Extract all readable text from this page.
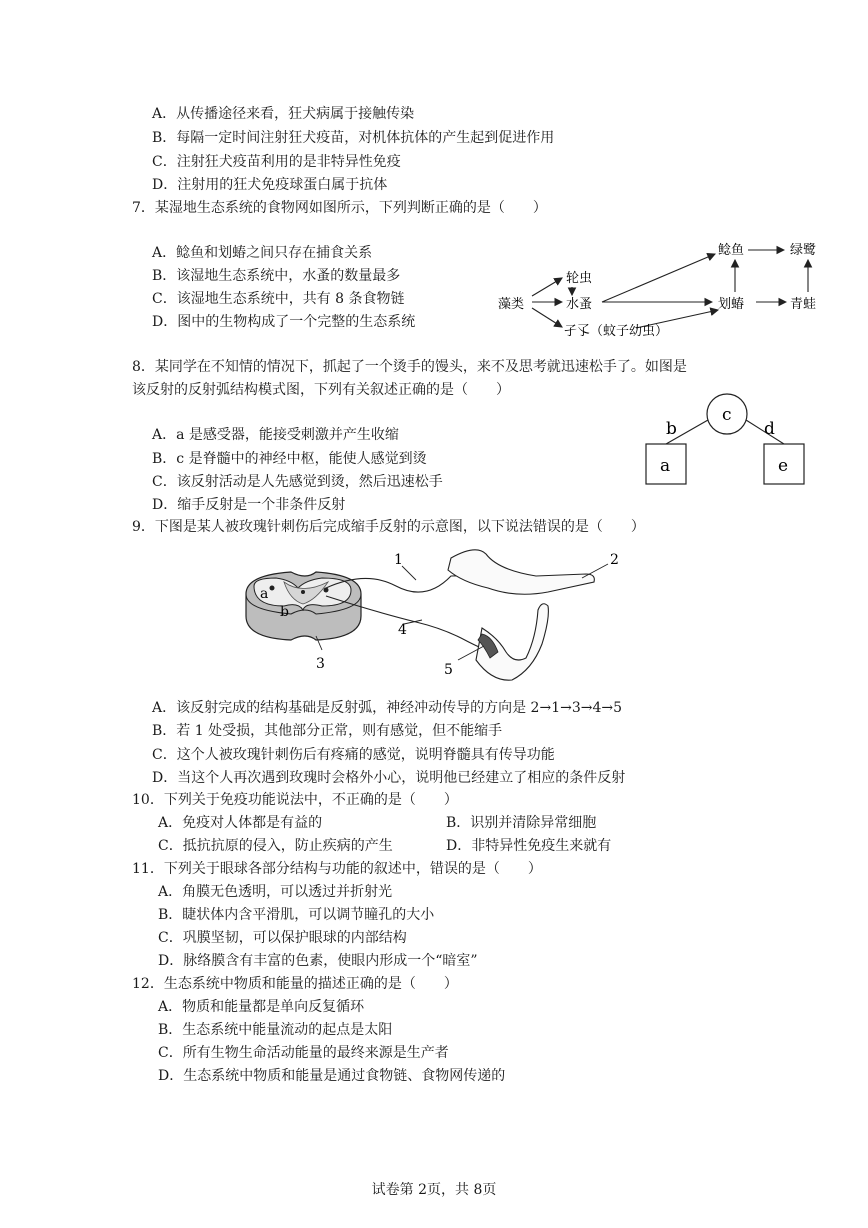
A．从传播途径来看，狂犬病属于接触传染
B．每隔一定时间注射狂犬疫苗，对机体抗体的产生起到促进作用
C．注射狂犬疫苗利用的是非特异性免疫
D．注射用的狂犬免疫球蛋白属于抗体
7．某湿地生态系统的食物网如图所示，下列判断正确的是（　　）
A．鲶鱼和划蝽之间只存在捕食关系
B．该湿地生态系统中，水蚤的数量最多
C．该湿地生态系统中，共有 8 条食物链
D．图中的生物构成了一个完整的生态系统
藻类
轮虫
水蚤
孑孓（蚊子幼虫）
鲶鱼	绿鹭
划蝽	青蛙
8．某同学在不知情的情况下，抓起了一个烫手的馒头，来不及思考就迅速松手了。如图是
该反射的反射弧结构模式图，下列有关叙述正确的是（　　）
A．a 是感受器，能接受刺激并产生收缩
B．c 是脊髓中的神经中枢，能使人感觉到烫
C．该反射活动是人先感觉到烫，然后迅速松手
D．缩手反射是一个非条件反射
c
a	e
b	d
9．下图是某人被玫瑰针刺伤后完成缩手反射的示意图，以下说法错误的是（　　）
a
b
1	2
3
4
5
A．该反射完成的结构基础是反射弧，神经冲动传导的方向是 2→1→3→4→5
B．若 1 处受损，其他部分正常，则有感觉，但不能缩手
C．这个人被玫瑰针刺伤后有疼痛的感觉，说明脊髓具有传导功能
D．当这个人再次遇到玫瑰时会格外小心，说明他已经建立了相应的条件反射
10．下列关于免疫功能说法中，不正确的是（　　）
A．免疫对人体都是有益的	B．识别并清除异常细胞
C．抵抗抗原的侵入，防止疾病的产生	D．非特异性免疫生来就有
11．下列关于眼球各部分结构与功能的叙述中，错误的是（　　）
A．角膜无色透明，可以透过并折射光
B．睫状体内含平滑肌，可以调节瞳孔的大小
C．巩膜坚韧，可以保护眼球的内部结构
D．脉络膜含有丰富的色素，使眼内形成一个“暗室”
12．生态系统中物质和能量的描述正确的是（　　）
A．物质和能量都是单向反复循环
B．生态系统中能量流动的起点是太阳
C．所有生物生命活动能量的最终来源是生产者
D．生态系统中物质和能量是通过食物链、食物网传递的
试卷第 2页，共 8页
